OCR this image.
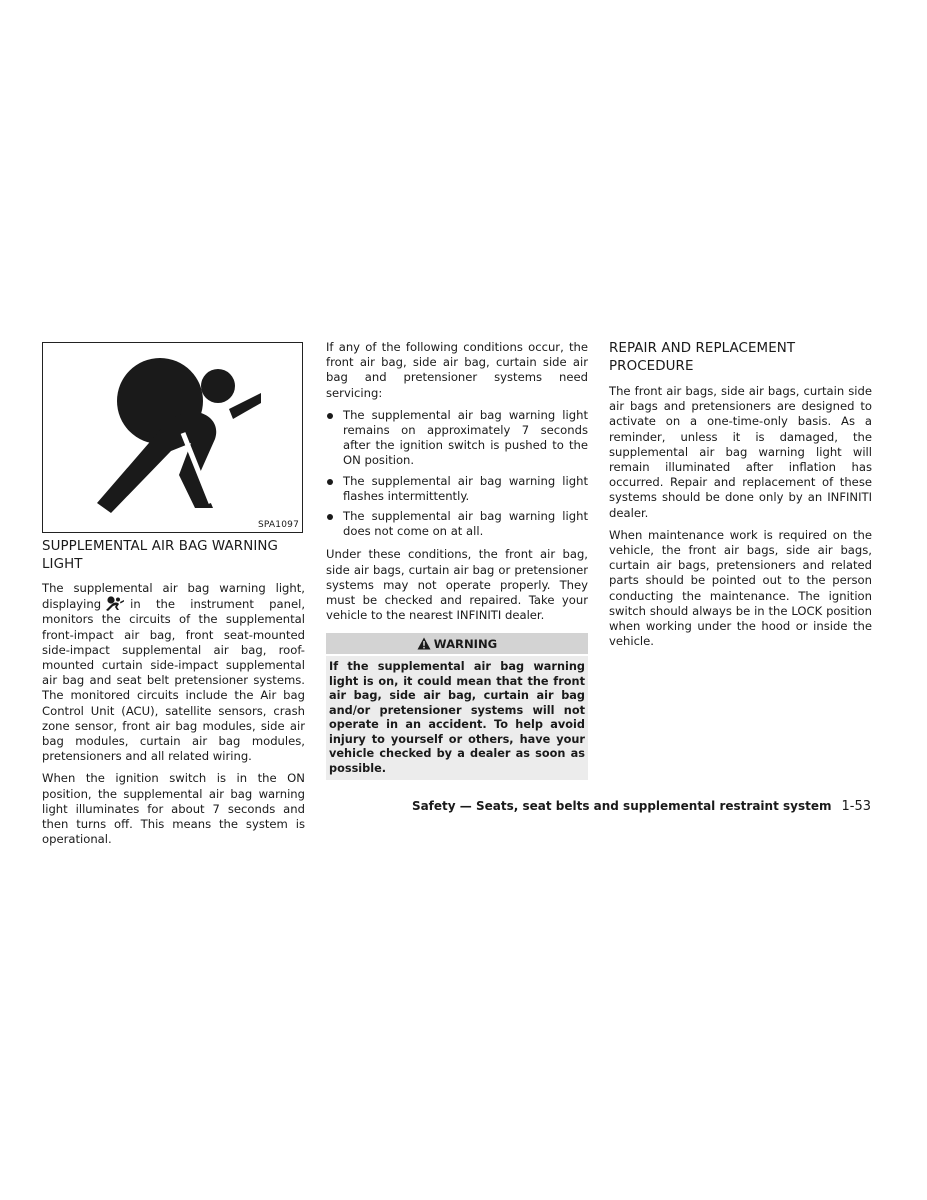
SPA1097
SUPPLEMENTAL AIR BAG WARNING LIGHT

The supplemental air bag warning light, displaying	in the instrument panel, monitors the circuits of the supplemental front-impact air bag, front seat-mounted side-impact supplemental air bag, roof-mounted curtain side-impact supplemental air bag and seat belt pretensioner systems. The monitored circuits include the Air bag Control Unit (ACU), satellite sensors, crash zone sensor, front air bag modules, side air bag modules, curtain air bag modules, pretensioners and all related wiring.

When the ignition switch is in the ON position, the supplemental air bag warning light illuminates for about 7 seconds and then turns off. This means the system is operational.

If any of the following conditions occur, the front air bag, side air bag, curtain side air bag and pretensioner systems need servicing:

The supplemental air bag warning light remains on approximately 7 seconds after the ignition switch is pushed to the ON position.
The supplemental air bag warning light flashes intermittently.
The supplemental air bag warning light does not come on at all.

Under these conditions, the front air bag, side air bags, curtain air bag or pretensioner systems may not operate properly. They must be checked and repaired. Take your vehicle to the nearest INFINITI dealer.

WARNING
If the supplemental air bag warning light is on, it could mean that the front air bag, side air bag, curtain air bag and/or pretensioner systems will not operate in an accident. To help avoid injury to yourself or others, have your vehicle checked by a dealer as soon as possible.
REPAIR AND REPLACEMENT PROCEDURE

The front air bags, side air bags, curtain side air bags and pretensioners are designed to activate on a one-time-only basis. As a reminder, unless it is damaged, the supplemental air bag warning light will remain illuminated after inflation has occurred. Repair and replacement of these systems should be done only by an INFINITI dealer.

When maintenance work is required on the vehicle, the front air bags, side air bags, curtain air bags, pretensioners and related parts should be pointed out to the person conducting the maintenance. The ignition switch should always be in the LOCK position when working under the hood or inside the vehicle.

Safety — Seats, seat belts and supplemental restraint system 1-53
